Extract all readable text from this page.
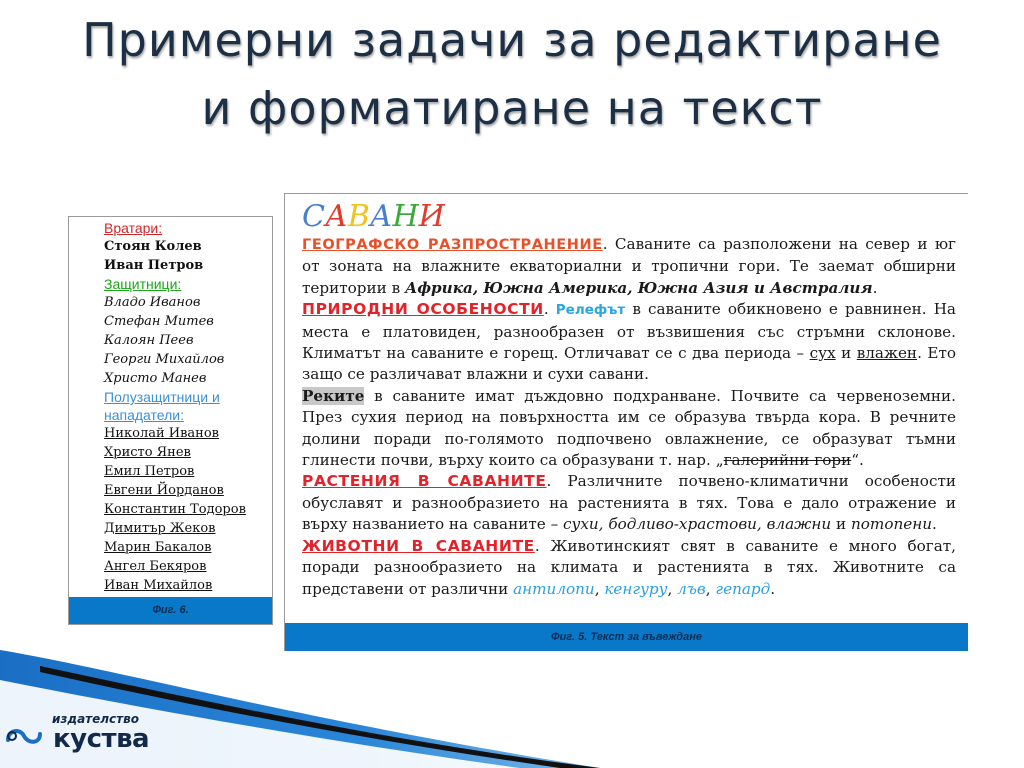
Примерни задачи за редактиране
и форматиране на текст
Вратари:
Стоян Колев
Иван Петров
Защитници:
Владо Иванов
Стефан Митев
Калоян Пеев
Георги Михайлов
Христо Манев
Полузащитници и нападатели:
Николай Иванов
Христо Янев
Емил Петров
Евгени Йорданов
Константин Тодоров
Димитър Жеков
Марин Бакалов
Ангел Бекяров
Иван Михайлов
Фиг. 6.
САВАНИ

ГЕОГРАФСКО РАЗПРОСТРАНЕНИЕ. Саваните са разположени на север и юг от зоната на влажните екваториални и тропични гори. Те заемат обширни територии в Африка, Южна Америка, Южна Азия и Австралия.

ПРИРОДНИ ОСОБЕНОСТИ. Релефът в саваните обикновено е равнинен. На места е платовиден, разнообразен от възвишения със стръмни склонове. Климатът на саваните е горещ. Отличават се с два периода – сух и влажен. Ето защо се различават влажни и сухи савани.

Реките в саваните имат дъждовно подхранване. Почвите са червеноземни. През сухия период на повърхността им се образува твърда кора. В речните долини поради по-голямото подпочвено овлажнение, се образуват тъмни глинести почви, върху които са образувани т. нар. „галерийни гори“.

РАСТЕНИЯ В САВАНИТЕ. Различните почвено-климатични особености обуславят и разнообразието на растенията в тях. Това е дало отражение и върху названието на саваните – сухи, бодливо-храстови, влажни и потопени.

ЖИВОТНИ В САВАНИТЕ. Животинският свят в саваните е много богат, поради разнообразието на климата и растенията в тях. Животните са представени от различни антилопи, кенгуру, лъв, гепард.

Фиг. 5. Текст за въвеждане
издателство
куства
